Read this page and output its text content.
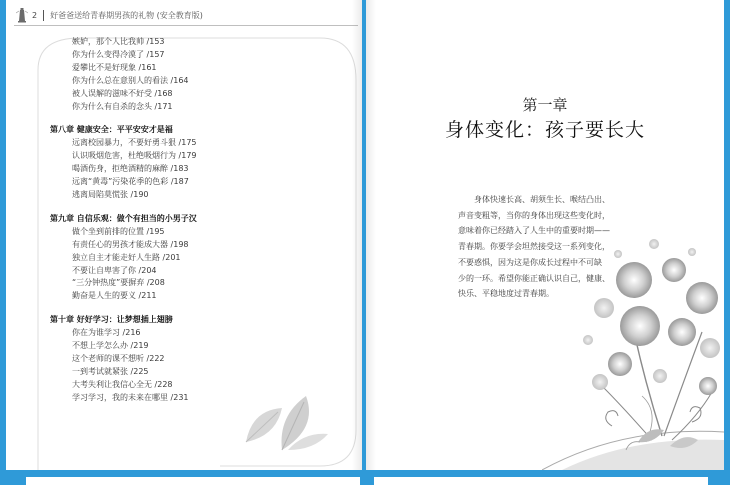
2 好爸爸送给青春期男孩的礼物 (安全教育版)
嫉妒，那个人比我帅 /153
你为什么变得冷漠了 /157
爱攀比不是好现象 /161
你为什么总在意别人的看法 /164
被人误解的滋味不好受 /168
你为什么有自杀的念头 /171
第八章 健康安全：平平安安才是福
远离校园暴力，不要好勇斗狠 /175
认识吸烟危害，杜绝吸烟行为 /179
喝酒伤身，拒绝酒精的麻醉 /183
远离“黄毒”污染花季的色彩 /187
逃离局陷莫慌张 /190
第九章 自信乐观：做个有担当的小男子汉
做个坐到前排的位置 /195
有责任心的男孩才能成大器 /198
独立自主才能走好人生路 /201
不要让自卑害了你 /204
“三分钟热度”要摒弃 /208
勤奋是人生的要义 /211
第十章 好好学习：让梦想插上翅膀
你在为谁学习 /216
不想上学怎么办 /219
这个老师的课不想听 /222
一到考试就紧张 /225
大考失利让我信心全无 /228
学习学习，我的未来在哪里 /231
第一章
身体变化：孩子要长大

身体快速长高、胡须生长、喉结凸出、

声音变粗等，当你的身体出现这些变化时，

意味着你已经踏入了人生中的重要时期——

青春期。你要学会坦然接受这一系列变化，

不要惑惧，因为这是你成长过程中不可缺

少的一环。希望你能正确认识自己，健康、

快乐、平稳地度过青春期。
